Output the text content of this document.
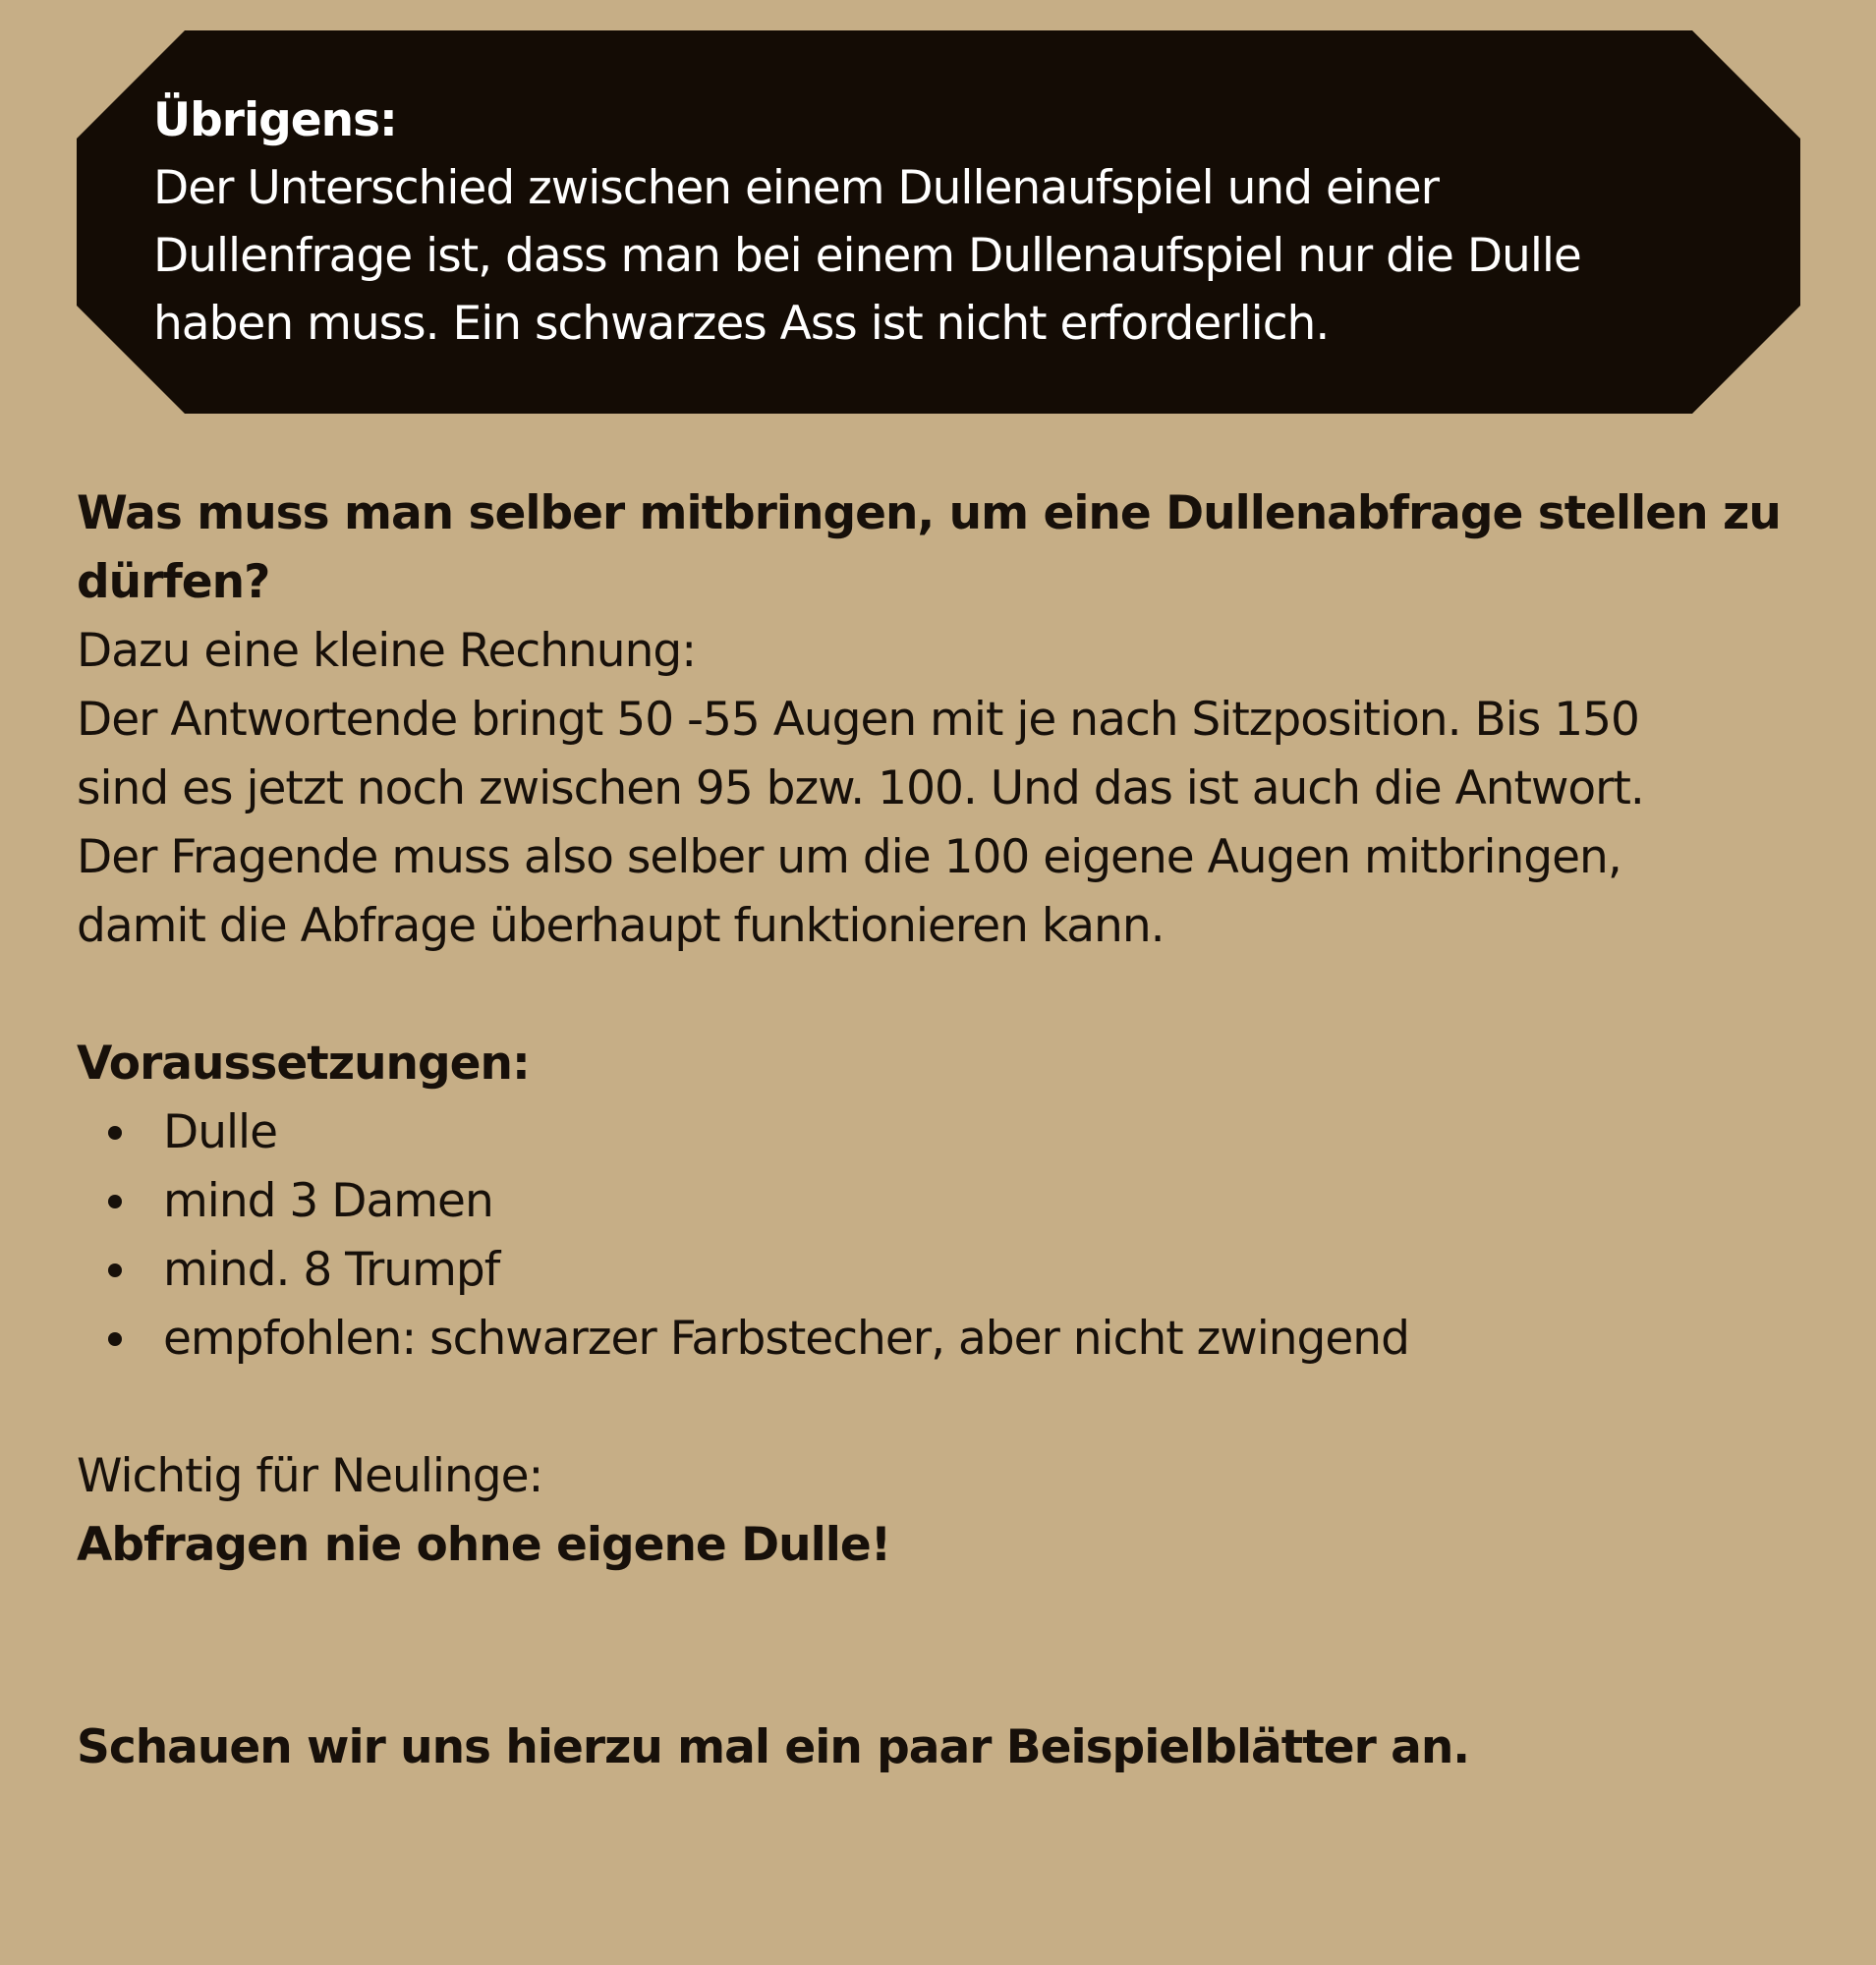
Übrigens:
Der Unterschied zwischen einem Dullenaufspiel und einer
Dullenfrage ist, dass man bei einem Dullenaufspiel nur die Dulle
haben muss. Ein schwarzes Ass ist nicht erforderlich.
Was muss man selber mitbringen, um eine Dullenabfrage stellen zu
dürfen?
Dazu eine kleine Rechnung:
Der Antwortende bringt 50 -55 Augen mit je nach Sitzposition. Bis 150
sind es jetzt noch zwischen 95 bzw. 100. Und das ist auch die Antwort.
Der Fragende muss also selber um die 100 eigene Augen mitbringen,
damit die Abfrage überhaupt funktionieren kann.
Voraussetzungen:
Dulle
mind 3 Damen
mind. 8 Trumpf
empfohlen: schwarzer Farbstecher, aber nicht zwingend
Wichtig für Neulinge:
Abfragen nie ohne eigene Dulle!
Schauen wir uns hierzu mal ein paar Beispielblätter an.
